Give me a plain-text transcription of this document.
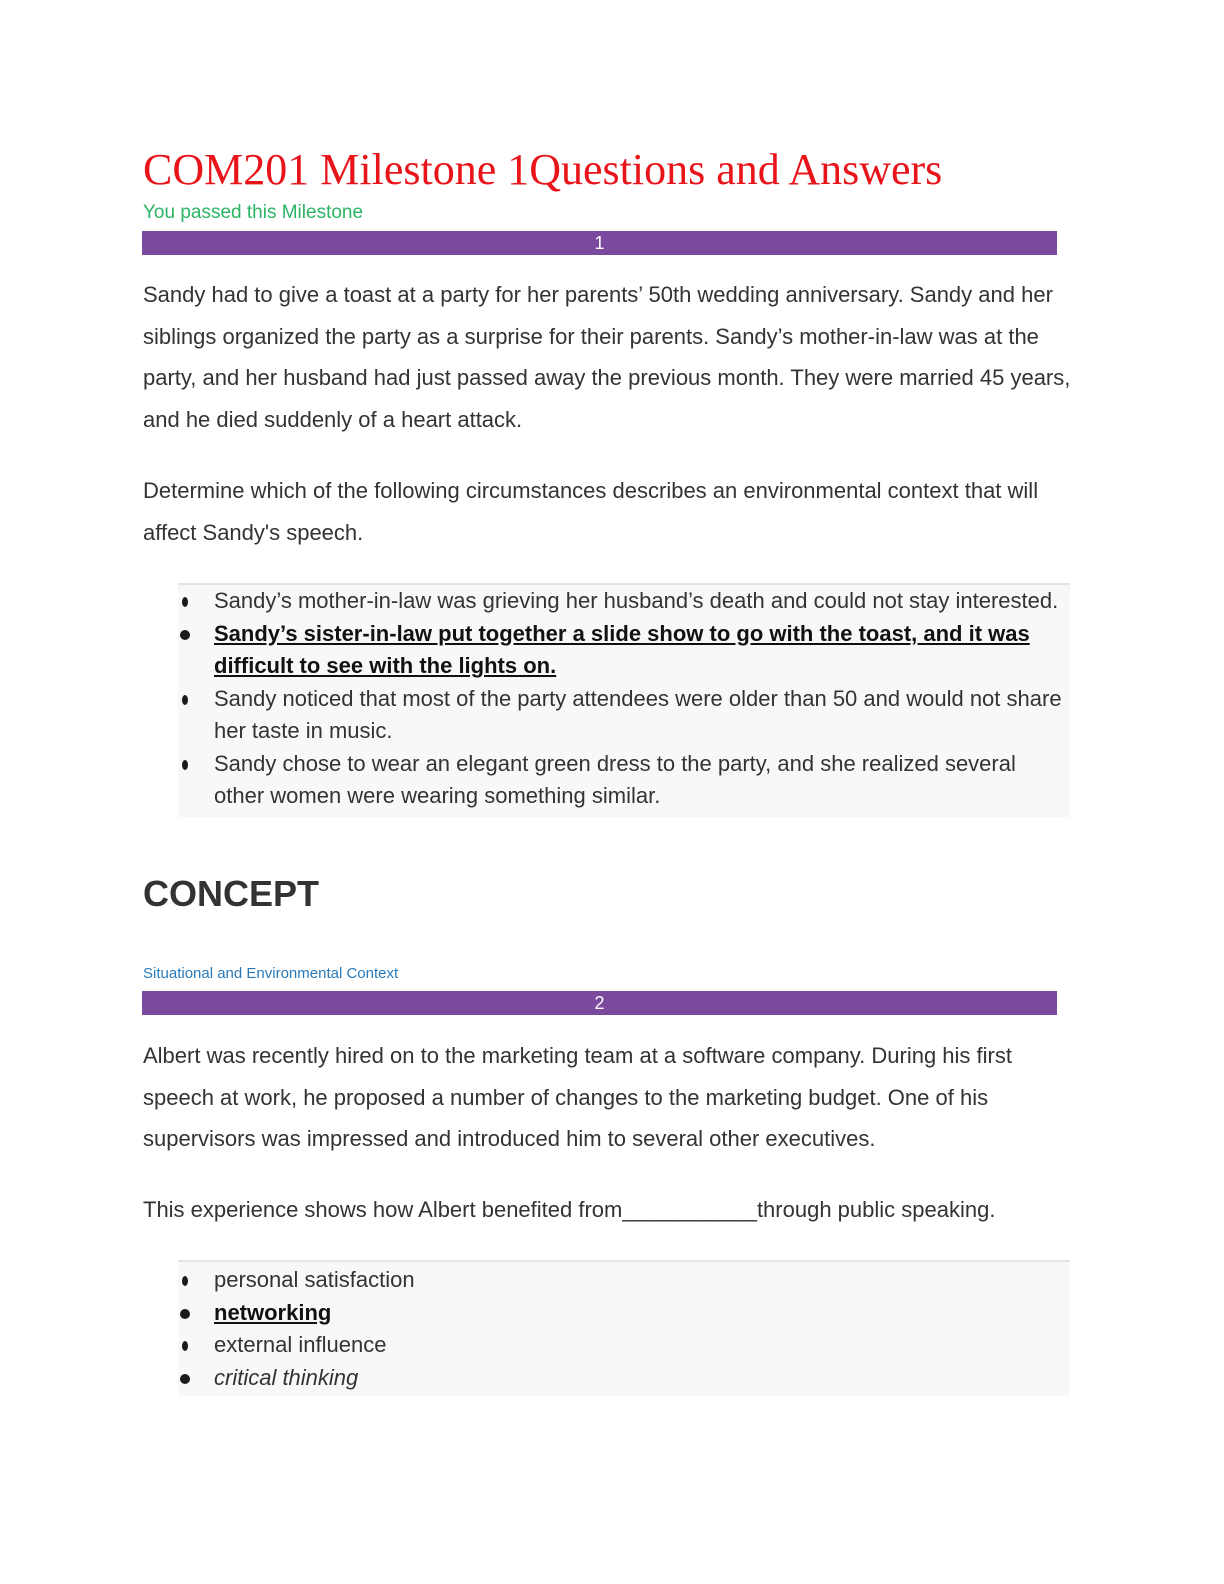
COM201 Milestone 1Questions and Answers
You passed this Milestone
1

Sandy had to give a toast at a party for her parents’ 50th wedding anniversary. Sandy and her siblings organized the party as a surprise for their parents. Sandy’s mother-in-law was at the party, and her husband had just passed away the previous month. They were married 45 years, and he died suddenly of a heart attack.

Determine which of the following circumstances describes an environmental context that will affect Sandy's speech.

Sandy’s mother-in-law was grieving her husband’s death and could not stay interested.
Sandy’s sister-in-law put together a slide show to go with the toast, and it was difficult to see with the lights on.
Sandy noticed that most of the party attendees were older than 50 and would not share her taste in music.
Sandy chose to wear an elegant green dress to the party, and she realized several other women were wearing something similar.
CONCEPT
Situational and Environmental Context
2

Albert was recently hired on to the marketing team at a software company. During his first speech at work, he proposed a number of changes to the marketing budget. One of his supervisors was impressed and introduced him to several other executives.

This experience shows how Albert benefited from___________through public speaking.

personal satisfaction
networking
external influence
critical thinking
